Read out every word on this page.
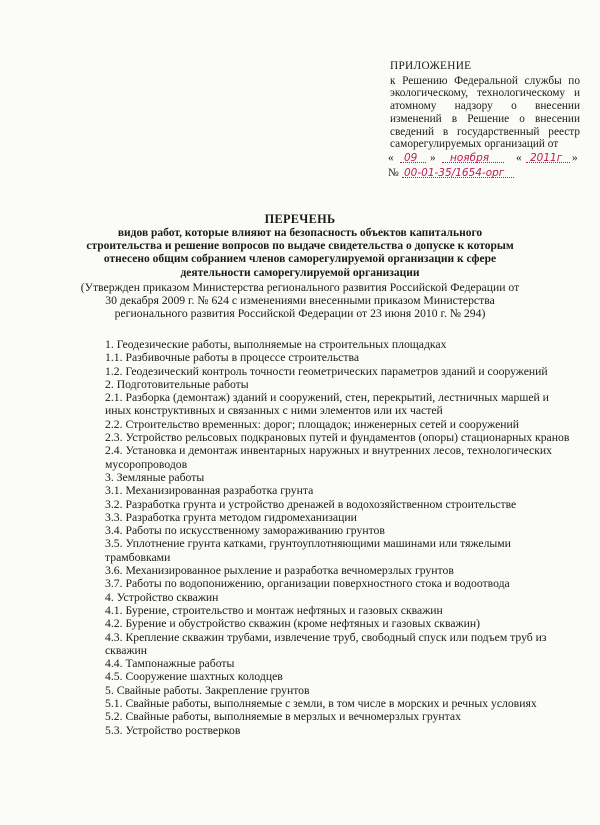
ПРИЛОЖЕНИЕ
к Решению Федеральной службы по экологическому, технологическому и атомному надзору о внесении изменений в Решение о внесении сведений в государственный реестр саморегулируемых организаций от
« 09 » ноября « 2011г »
№ 00-01-35/1654-орг
ПЕРЕЧЕНЬ
видов работ, которые влияют на безопасность объектов капитального строительства и решение вопросов по выдаче свидетельства о допуске к которым отнесено общим собранием членов саморегулируемой организации к сфере деятельности саморегулируемой организации
(Утвержден приказом Министерства регионального развития Российской Федерации от 30 декабря 2009 г. № 624 с изменениями внесенными приказом Министерства регионального развития Российской Федерации от 23 июня 2010 г. № 294)
1. Геодезические работы, выполняемые на строительных площадках
1.1. Разбивочные работы в процессе строительства
1.2. Геодезический контроль точности геометрических параметров зданий и сооружений
2. Подготовительные работы
2.1. Разборка (демонтаж) зданий и сооружений, стен, перекрытий, лестничных маршей и иных конструктивных и связанных с ними элементов или их частей
2.2. Строительство временных: дорог; площадок; инженерных сетей и сооружений
2.3. Устройство рельсовых подкрановых путей и фундаментов (опоры) стационарных кранов
2.4. Установка и демонтаж инвентарных наружных и внутренних лесов, технологических мусоропроводов
3. Земляные работы
3.1. Механизированная разработка грунта
3.2. Разработка грунта и устройство дренажей в водохозяйственном строительстве
3.3. Разработка грунта методом гидромеханизации
3.4. Работы по искусственному замораживанию грунтов
3.5. Уплотнение грунта катками, грунтоуплотняющими машинами или тяжелыми трамбовками
3.6. Механизированное рыхление и разработка вечномерзлых грунтов
3.7. Работы по водопонижению, организации поверхностного стока и водоотвода
4. Устройство скважин
4.1. Бурение, строительство и монтаж нефтяных и газовых скважин
4.2. Бурение и обустройство скважин (кроме нефтяных и газовых скважин)
4.3. Крепление скважин трубами, извлечение труб, свободный спуск или подъем труб из скважин
4.4. Тампонажные работы
4.5. Сооружение шахтных колодцев
5. Свайные работы. Закрепление грунтов
5.1. Свайные работы, выполняемые с земли, в том числе в морских и речных условиях
5.2. Свайные работы, выполняемые в мерзлых и вечномерзлых грунтах
5.3. Устройство ростверков
